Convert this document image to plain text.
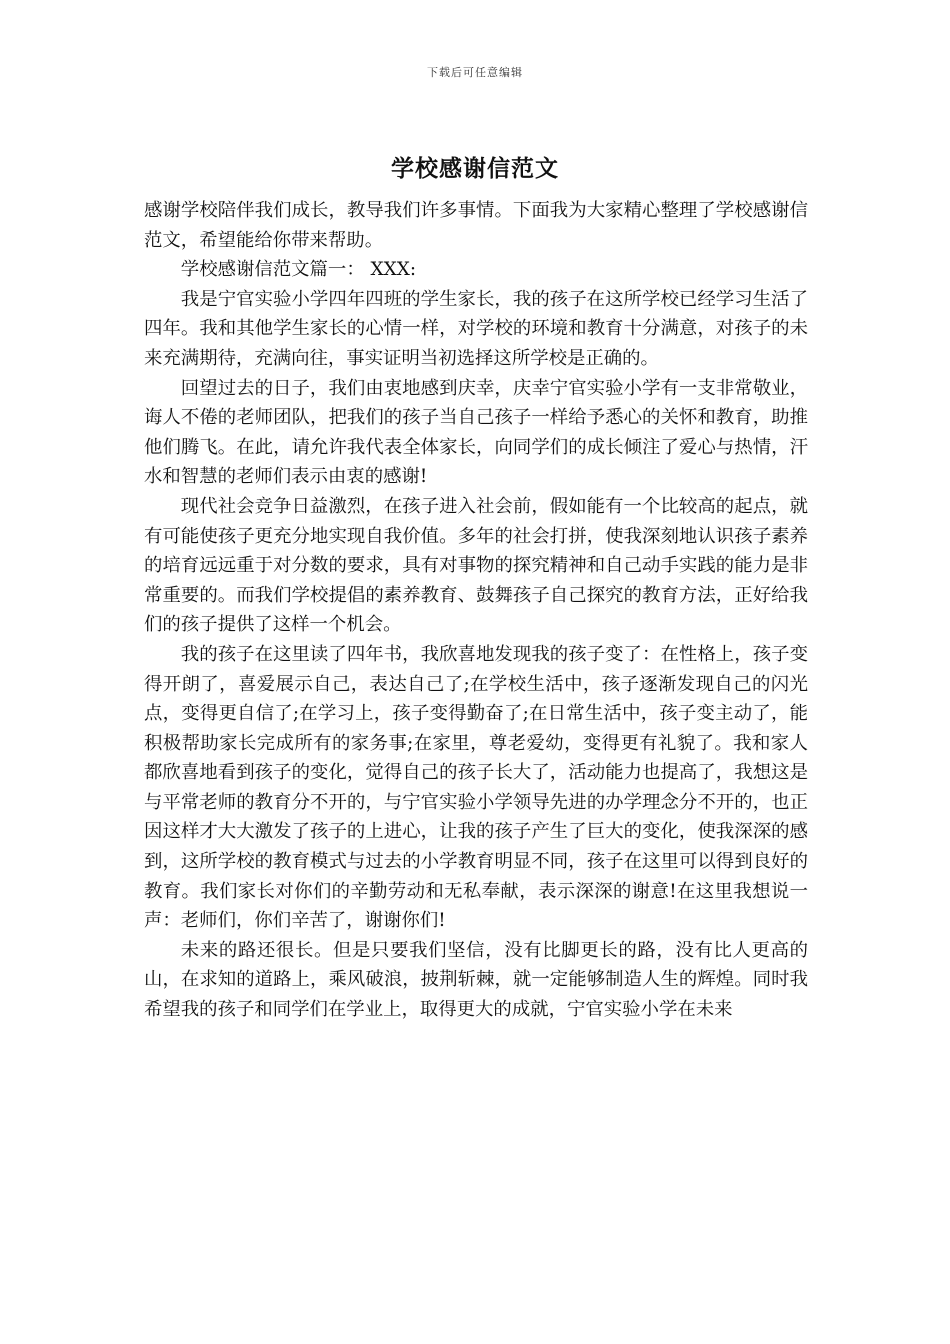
下载后可任意编辑
学校感谢信范文

感谢学校陪伴我们成长，教导我们许多事情。下面我为大家精心整理了学校感谢信范文，希望能给你带来帮助。

学校感谢信范文篇一： XXX:

我是宁官实验小学四年四班的学生家长，我的孩子在这所学校已经学习生活了四年。我和其他学生家长的心情一样，对学校的环境和教育十分满意，对孩子的未来充满期待，充满向往，事实证明当初选择这所学校是正确的。

回望过去的日子，我们由衷地感到庆幸，庆幸宁官实验小学有一支非常敬业，诲人不倦的老师团队，把我们的孩子当自己孩子一样给予悉心的关怀和教育，助推他们腾飞。在此，请允许我代表全体家长，向同学们的成长倾注了爱心与热情，汗水和智慧的老师们表示由衷的感谢!

现代社会竞争日益激烈，在孩子进入社会前，假如能有一个比较高的起点，就有可能使孩子更充分地实现自我价值。多年的社会打拼，使我深刻地认识孩子素养的培育远远重于对分数的要求，具有对事物的探究精神和自己动手实践的能力是非常重要的。而我们学校提倡的素养教育、鼓舞孩子自己探究的教育方法，正好给我们的孩子提供了这样一个机会。

我的孩子在这里读了四年书，我欣喜地发现我的孩子变了：在性格上，孩子变得开朗了，喜爱展示自己，表达自己了;在学校生活中，孩子逐渐发现自己的闪光点，变得更自信了;在学习上，孩子变得勤奋了;在日常生活中，孩子变主动了，能积极帮助家长完成所有的家务事;在家里，尊老爱幼，变得更有礼貌了。我和家人都欣喜地看到孩子的变化，觉得自己的孩子长大了，活动能力也提高了，我想这是与平常老师的教育分不开的，与宁官实验小学领导先进的办学理念分不开的，也正因这样才大大激发了孩子的上进心，让我的孩子产生了巨大的变化，使我深深的感到，这所学校的教育模式与过去的小学教育明显不同，孩子在这里可以得到良好的教育。我们家长对你们的辛勤劳动和无私奉献，表示深深的谢意!在这里我想说一声：老师们，你们辛苦了，谢谢你们!

未来的路还很长。但是只要我们坚信，没有比脚更长的路，没有比人更高的山，在求知的道路上，乘风破浪，披荆斩棘，就一定能够制造人生的辉煌。同时我希望我的孩子和同学们在学业上，取得更大的成就，宁官实验小学在未来
